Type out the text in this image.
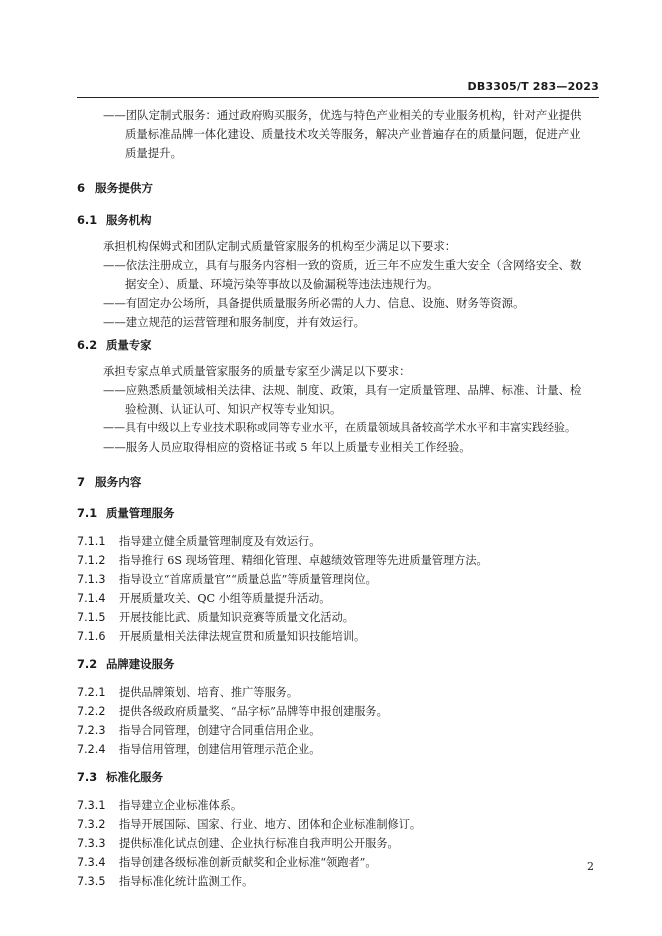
DB3305/T 283—2023
——团队定制式服务：通过政府购买服务，优选与特色产业相关的专业服务机构，针对产业提供
质量标准品牌一体化建设、质量技术攻关等服务，解决产业普遍存在的质量问题，促进产业
质量提升。
6 服务提供方
6.1 服务机构
承担机构保姆式和团队定制式质量管家服务的机构至少满足以下要求：
——依法注册成立，具有与服务内容相一致的资质，近三年不应发生重大安全（含网络安全、数
据安全）、质量、环境污染等事故以及偷漏税等违法违规行为。
——有固定办公场所，具备提供质量服务所必需的人力、信息、设施、财务等资源。
——建立规范的运营管理和服务制度，并有效运行。
6.2 质量专家
承担专家点单式质量管家服务的质量专家至少满足以下要求：
——应熟悉质量领域相关法律、法规、制度、政策，具有一定质量管理、品牌、标准、计量、检
验检测、认证认可、知识产权等专业知识。
——具有中级以上专业技术职称或同等专业水平，在质量领域具备较高学术水平和丰富实践经验。
——服务人员应取得相应的资格证书或 5 年以上质量专业相关工作经验。
7 服务内容
7.1 质量管理服务
7.1.1 指导建立健全质量管理制度及有效运行。
7.1.2 指导推行 6S 现场管理、精细化管理、卓越绩效管理等先进质量管理方法。
7.1.3 指导设立“首席质量官”“质量总监”等质量管理岗位。
7.1.4 开展质量攻关、QC 小组等质量提升活动。
7.1.5 开展技能比武、质量知识竞赛等质量文化活动。
7.1.6 开展质量相关法律法规宣贯和质量知识技能培训。
7.2 品牌建设服务
7.2.1 提供品牌策划、培育、推广等服务。
7.2.2 提供各级政府质量奖、“品字标”品牌等申报创建服务。
7.2.3 指导合同管理，创建守合同重信用企业。
7.2.4 指导信用管理，创建信用管理示范企业。
7.3 标准化服务
7.3.1 指导建立企业标准体系。
7.3.2 指导开展国际、国家、行业、地方、团体和企业标准制修订。
7.3.3 提供标准化试点创建、企业执行标准自我声明公开服务。
7.3.4 指导创建各级标准创新贡献奖和企业标准“领跑者”。
7.3.5 指导标准化统计监测工作。
2
